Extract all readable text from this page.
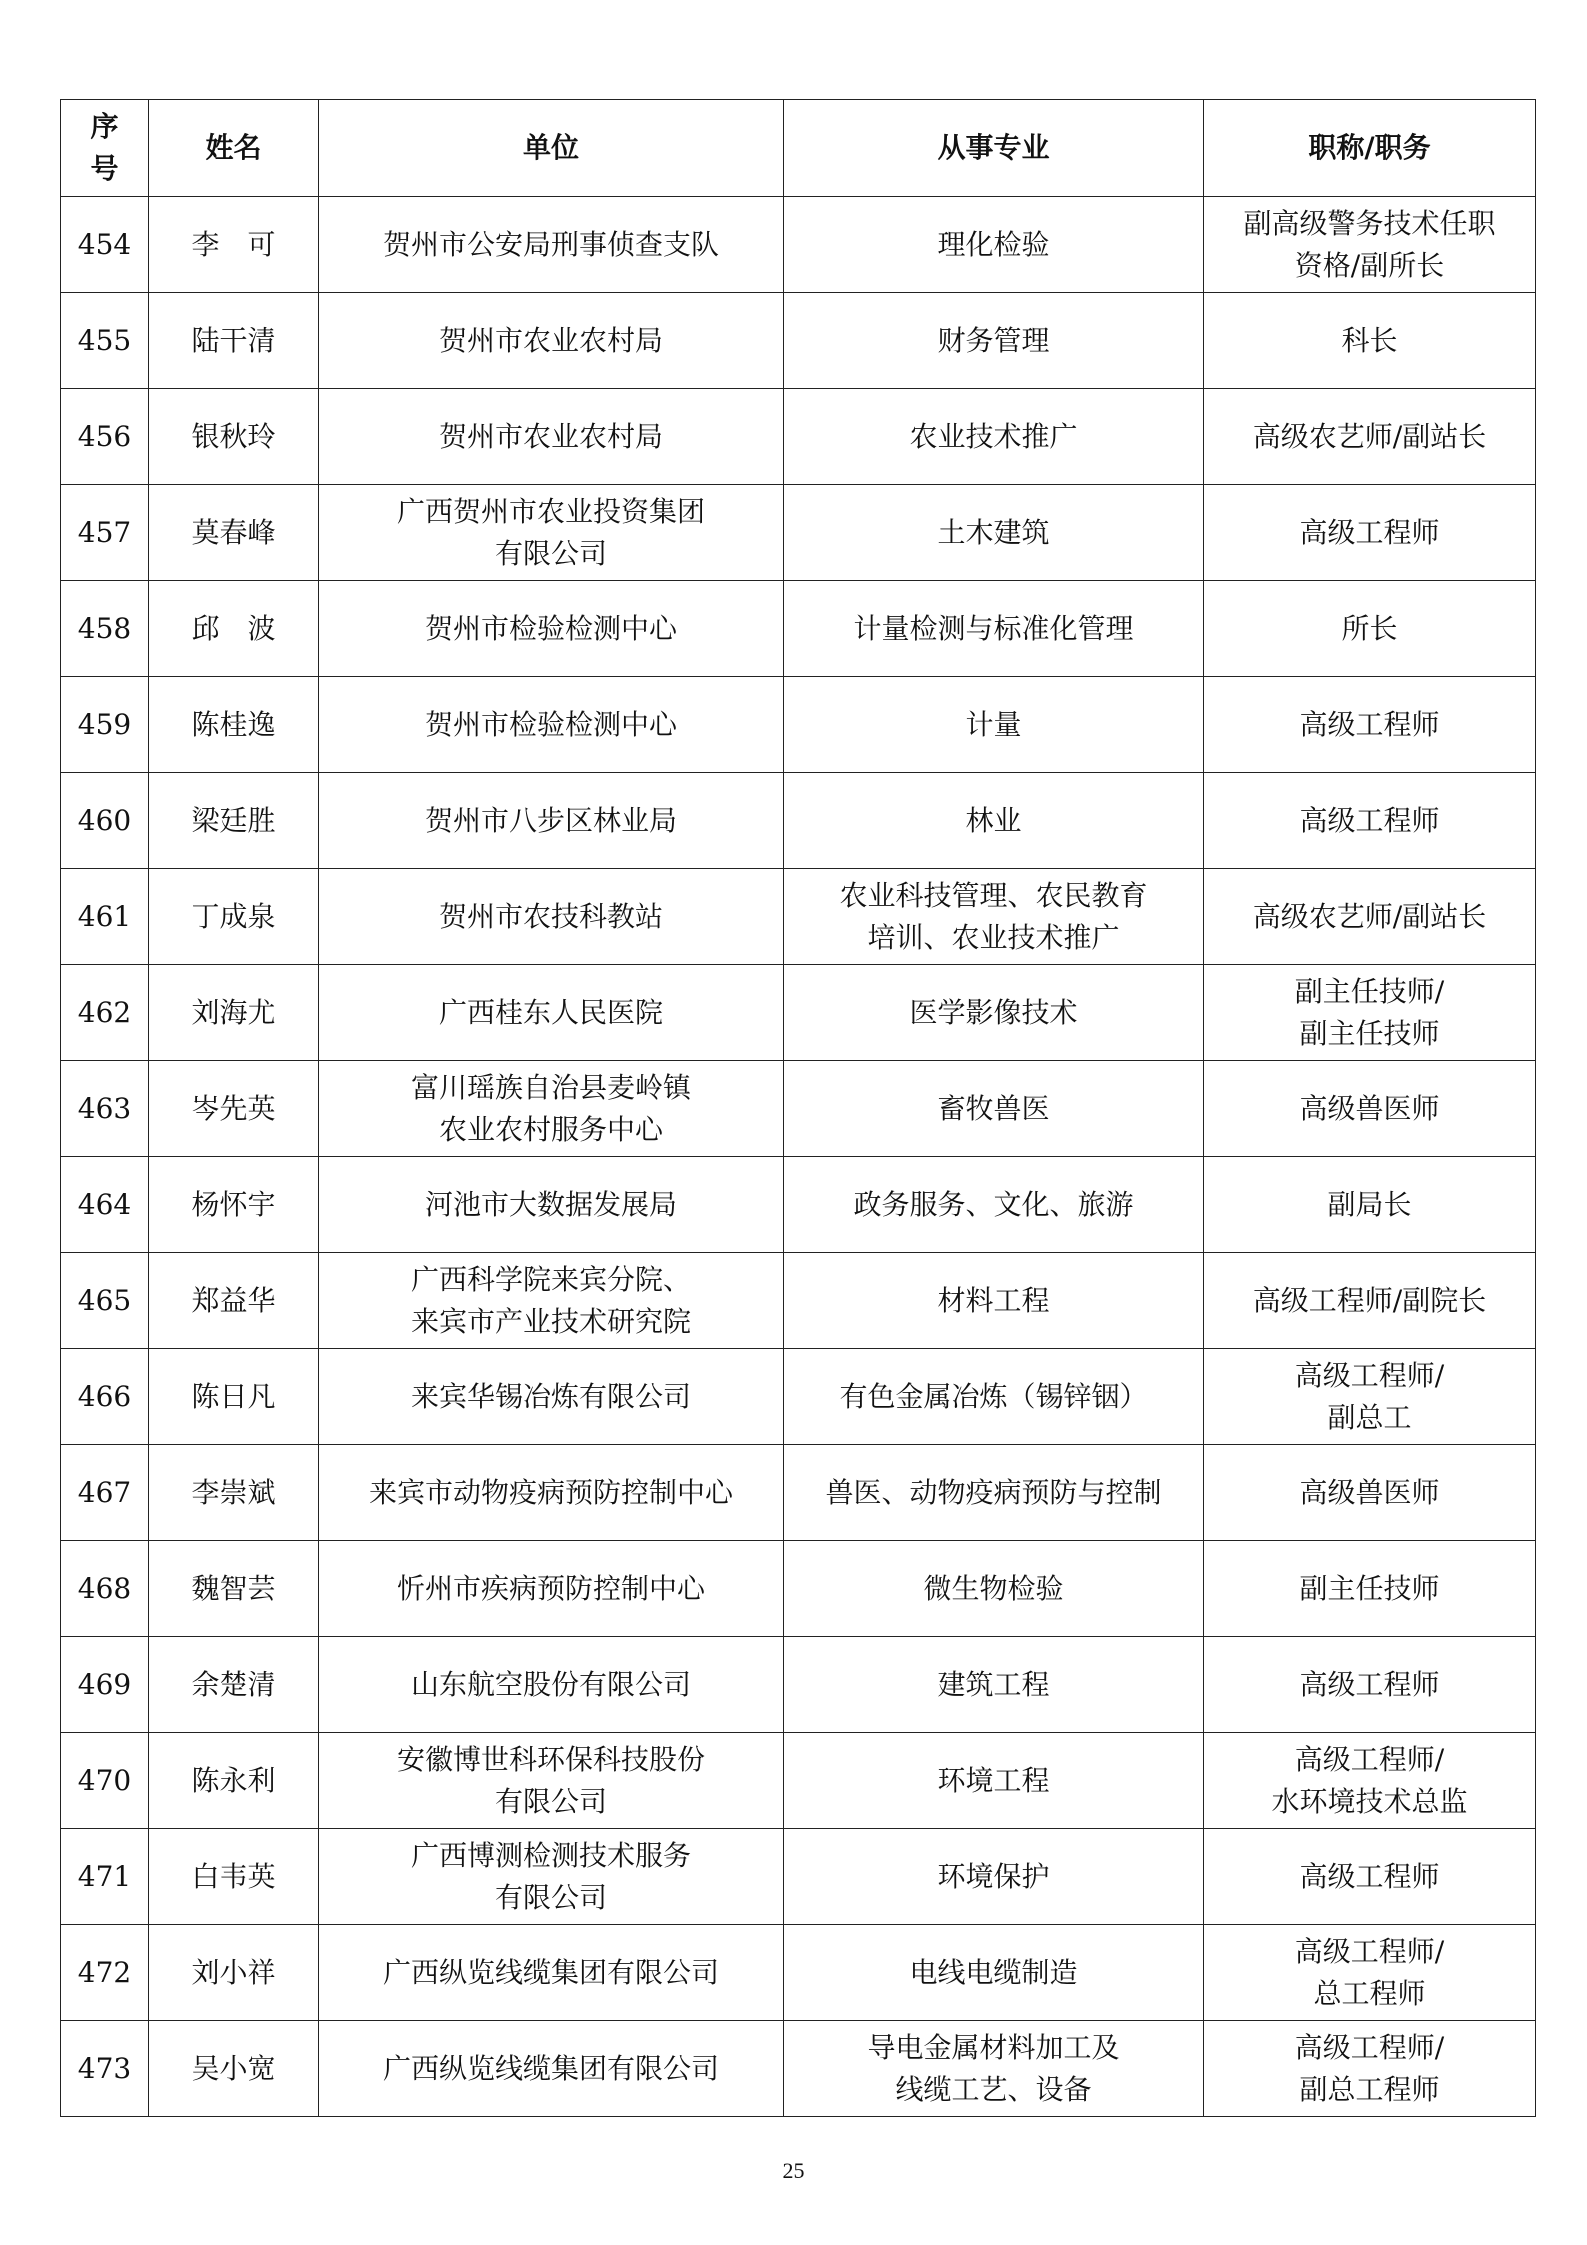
序
号	姓名	单位	从事专业	职称/职务
454	李　可	贺州市公安局刑事侦查支队	理化检验	副高级警务技术任职
资格/副所长

455	陆干清	贺州市农业农村局	财务管理	科长

456	银秋玲	贺州市农业农村局	农业技术推广	高级农艺师/副站长

457	莫春峰	广西贺州市农业投资集团
有限公司	土木建筑	高级工程师

458	邱　波	贺州市检验检测中心	计量检测与标准化管理	所长

459	陈桂逸	贺州市检验检测中心	计量	高级工程师

460	梁廷胜	贺州市八步区林业局	林业	高级工程师

461	丁成泉	贺州市农技科教站	农业科技管理、农民教育
培训、农业技术推广	高级农艺师/副站长

462	刘海尤	广西桂东人民医院	医学影像技术	副主任技师/
副主任技师

463	岑先英	富川瑶族自治县麦岭镇
农业农村服务中心	畜牧兽医	高级兽医师

464	杨怀宇	河池市大数据发展局	政务服务、文化、旅游	副局长

465	郑益华	广西科学院来宾分院、
来宾市产业技术研究院	材料工程	高级工程师/副院长

466	陈日凡	来宾华锡冶炼有限公司	有色金属冶炼（锡锌铟）	高级工程师/
副总工

467	李崇斌	来宾市动物疫病预防控制中心	兽医、动物疫病预防与控制	高级兽医师

468	魏智芸	忻州市疾病预防控制中心	微生物检验	副主任技师

469	余楚清	山东航空股份有限公司	建筑工程	高级工程师

470	陈永利	安徽博世科环保科技股份
有限公司	环境工程	高级工程师/
水环境技术总监

471	白韦英	广西博测检测技术服务
有限公司	环境保护	高级工程师

472	刘小祥	广西纵览线缆集团有限公司	电线电缆制造	高级工程师/
总工程师

473	吴小宽	广西纵览线缆集团有限公司	导电金属材料加工及
线缆工艺、设备	高级工程师/
副总工程师
25
